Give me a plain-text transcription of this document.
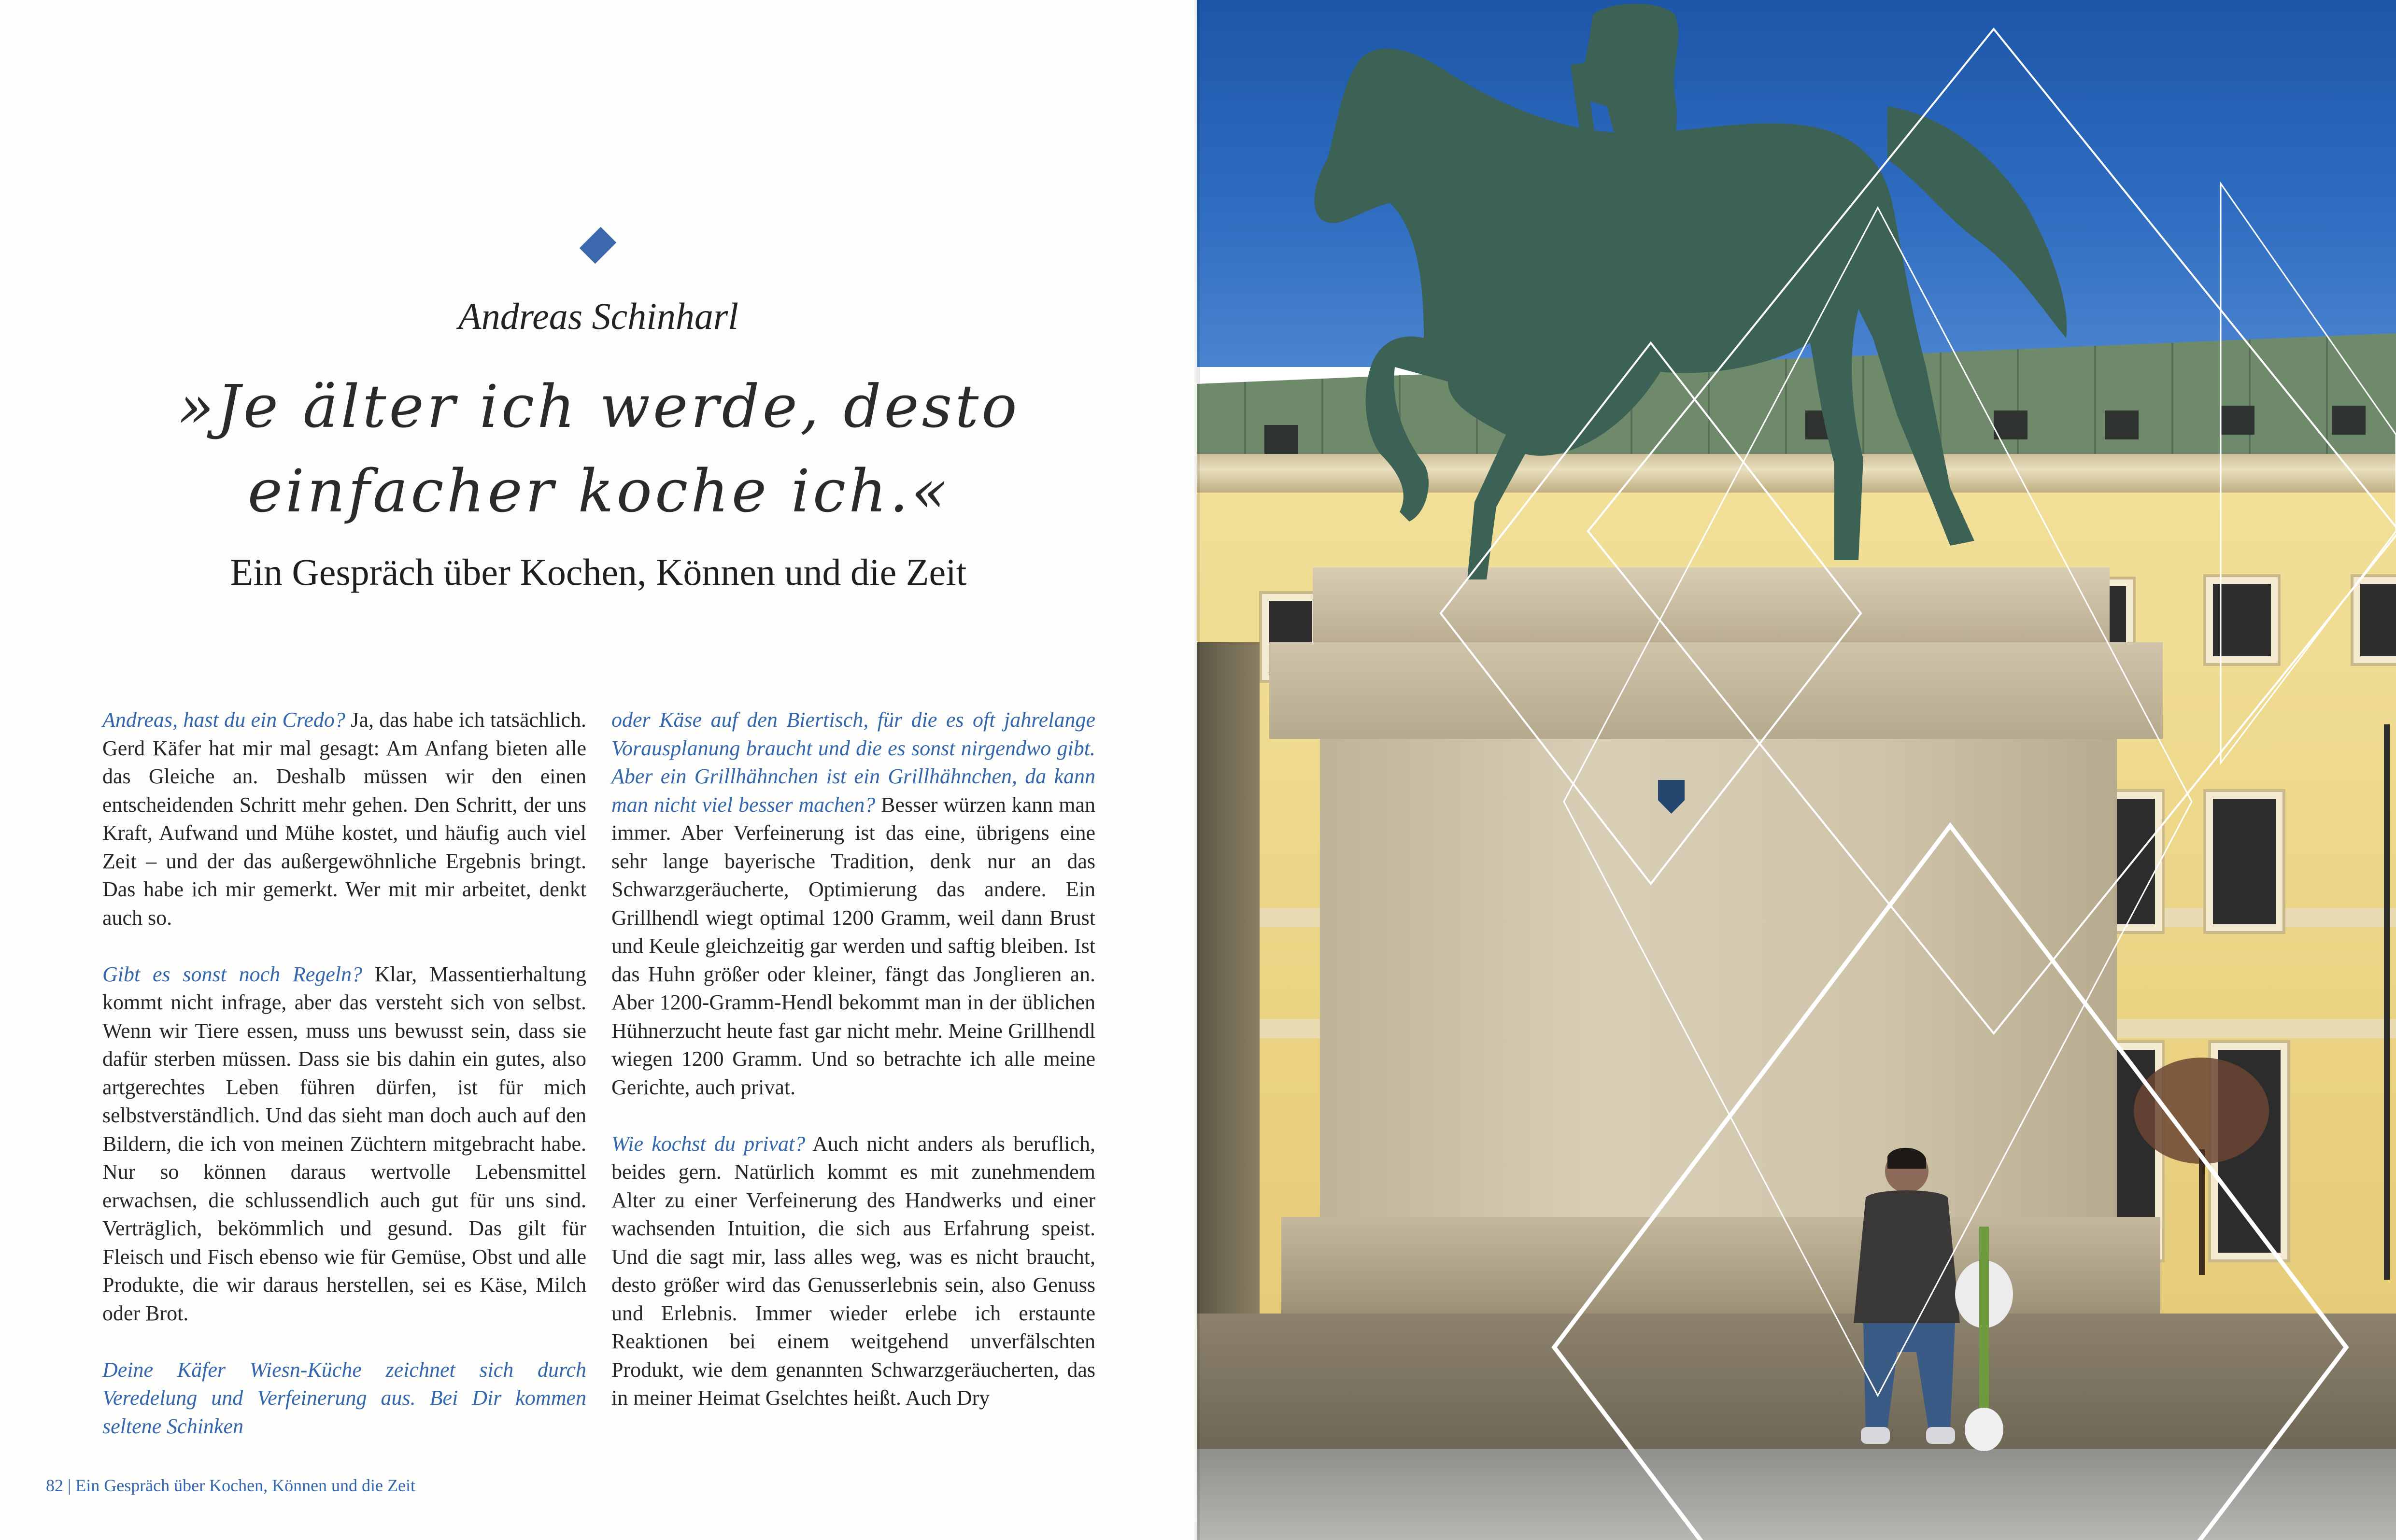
Andreas Schinharl
»Je älter ich werde, desto
einfacher koche ich.«
Ein Gespräch über Kochen, Können und die Zeit

Andreas, hast du ein Credo? Ja, das habe ich tatsächlich. Gerd Käfer hat mir mal gesagt: Am Anfang bieten alle das Gleiche an. Deshalb müssen wir den einen entscheidenden Schritt mehr gehen. Den Schritt, der uns Kraft, Aufwand und Mühe kostet, und häufig auch viel Zeit – und der das außergewöhnliche Ergebnis bringt. Das habe ich mir gemerkt. Wer mit mir arbeitet, denkt auch so.

Gibt es sonst noch Regeln? Klar, Massentierhaltung kommt nicht infrage, aber das versteht sich von selbst. Wenn wir Tiere essen, muss uns bewusst sein, dass sie dafür sterben müssen. Dass sie bis dahin ein gutes, also artgerechtes Leben führen dürfen, ist für mich selbstverständlich. Und das sieht man doch auch auf den Bildern, die ich von meinen Züchtern mitgebracht habe. Nur so können daraus wertvolle Lebensmittel erwachsen, die schlussendlich auch gut für uns sind. Verträglich, bekömmlich und gesund. Das gilt für Fleisch und Fisch ebenso wie für Gemüse, Obst und alle Produkte, die wir daraus herstellen, sei es Käse, Milch oder Brot.

Deine Käfer Wiesn-Küche zeichnet sich durch Veredelung und Verfeinerung aus. Bei Dir kommen seltene Schinken

oder Käse auf den Biertisch, für die es oft jahrelange Vorausplanung braucht und die es sonst nirgendwo gibt. Aber ein Grillhähnchen ist ein Grillhähnchen, da kann man nicht viel besser machen? Besser würzen kann man immer. Aber Verfeinerung ist das eine, übrigens eine sehr lange bayerische Tradition, denk nur an das Schwarzgeräucherte, Optimierung das andere. Ein Grillhendl wiegt optimal 1200 Gramm, weil dann Brust und Keule gleichzeitig gar werden und saftig bleiben. Ist das Huhn größer oder kleiner, fängt das Jonglieren an. Aber 1200-Gramm-Hendl bekommt man in der üblichen Hühnerzucht heute fast gar nicht mehr. Meine Grillhendl wiegen 1200 Gramm. Und so betrachte ich alle meine Gerichte, auch privat.

Wie kochst du privat? Auch nicht anders als beruflich, beides gern. Natürlich kommt es mit zunehmendem Alter zu einer Verfeinerung des Handwerks und einer wachsenden Intuition, die sich aus Erfahrung speist. Und die sagt mir, lass alles weg, was es nicht braucht, desto größer wird das Genusserlebnis sein, also Genuss und Erlebnis. Immer wieder erlebe ich erstaunte Reaktionen bei einem weitgehend unverfälschten Produkt, wie dem genannten Schwarzgeräucherten, das in meiner Heimat Gselchtes heißt. Auch Dry

82 | Ein Gespräch über Kochen, Können und die Zeit
